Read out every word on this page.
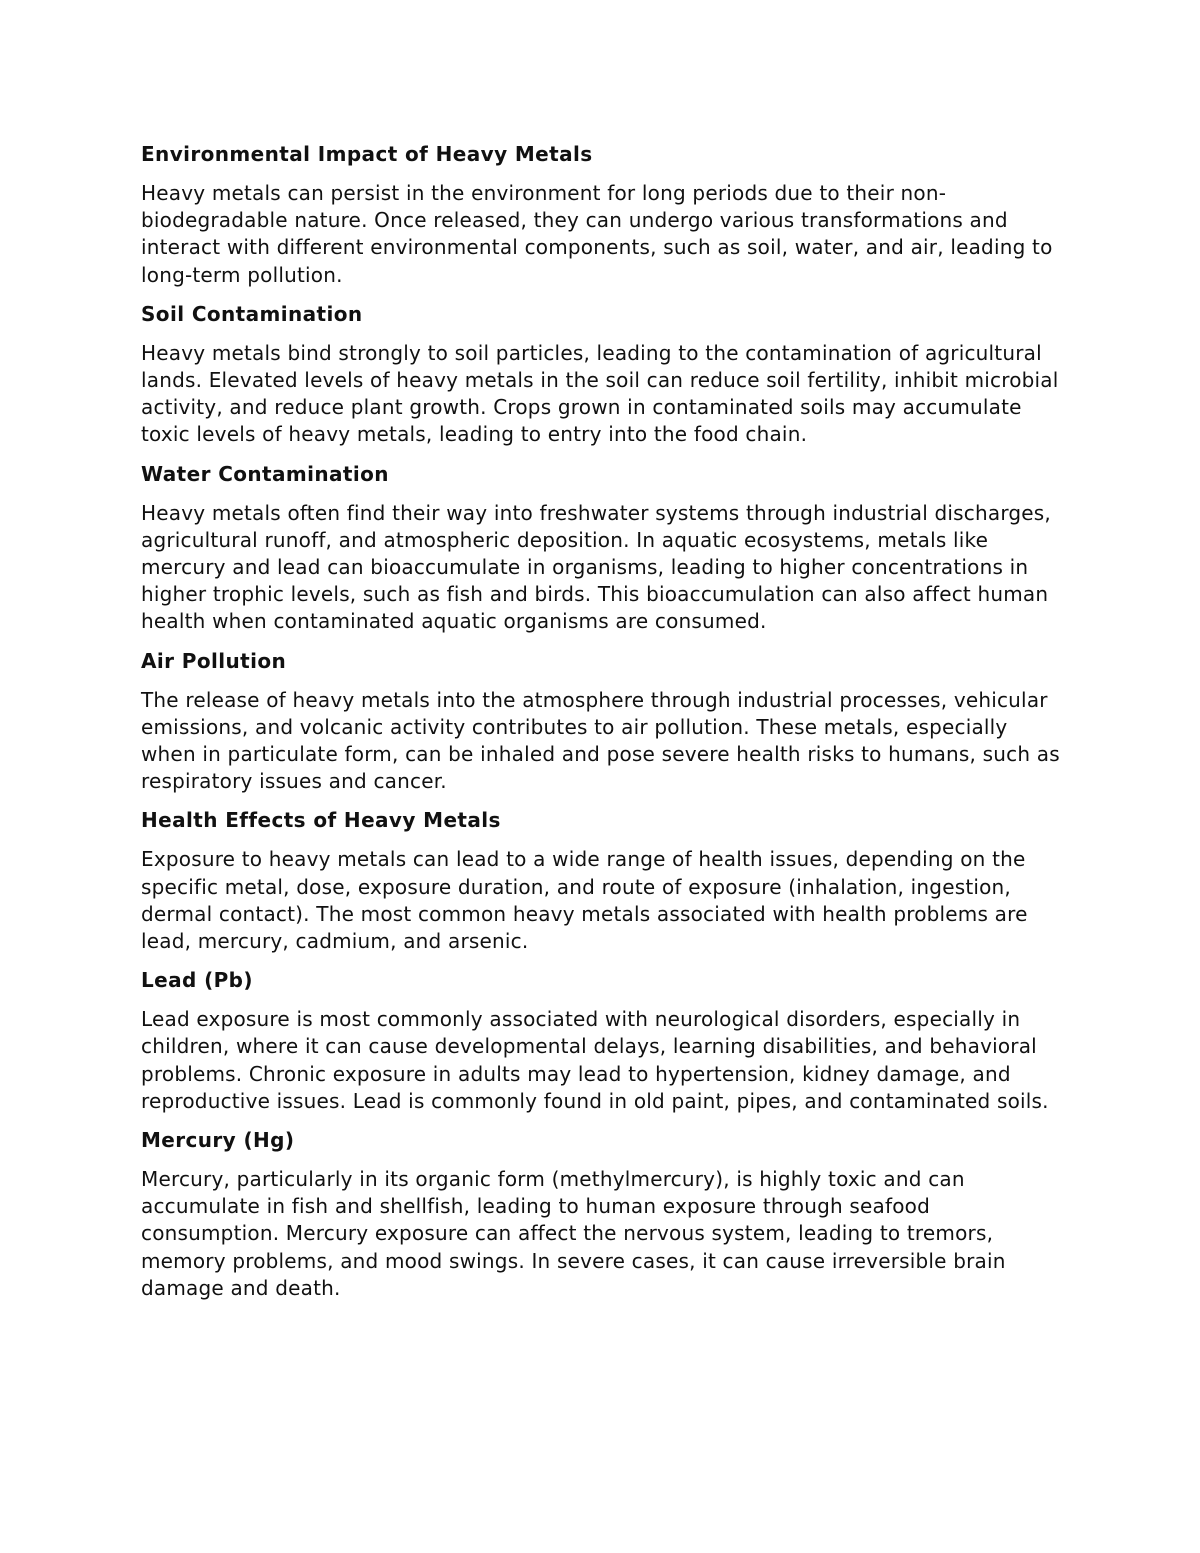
Environmental Impact of Heavy Metals
Heavy metals can persist in the environment for long periods due to their non-biodegradable nature. Once released, they can undergo various transformations and interact with different environmental components, such as soil, water, and air, leading to long-term pollution.
Soil Contamination
Heavy metals bind strongly to soil particles, leading to the contamination of agricultural lands. Elevated levels of heavy metals in the soil can reduce soil fertility, inhibit microbial activity, and reduce plant growth. Crops grown in contaminated soils may accumulate toxic levels of heavy metals, leading to entry into the food chain.
Water Contamination
Heavy metals often find their way into freshwater systems through industrial discharges, agricultural runoff, and atmospheric deposition. In aquatic ecosystems, metals like mercury and lead can bioaccumulate in organisms, leading to higher concentrations in higher trophic levels, such as fish and birds. This bioaccumulation can also affect human health when contaminated aquatic organisms are consumed.
Air Pollution
The release of heavy metals into the atmosphere through industrial processes, vehicular emissions, and volcanic activity contributes to air pollution. These metals, especially when in particulate form, can be inhaled and pose severe health risks to humans, such as respiratory issues and cancer.
Health Effects of Heavy Metals
Exposure to heavy metals can lead to a wide range of health issues, depending on the specific metal, dose, exposure duration, and route of exposure (inhalation, ingestion, dermal contact). The most common heavy metals associated with health problems are lead, mercury, cadmium, and arsenic.
Lead (Pb)
Lead exposure is most commonly associated with neurological disorders, especially in children, where it can cause developmental delays, learning disabilities, and behavioral problems. Chronic exposure in adults may lead to hypertension, kidney damage, and reproductive issues. Lead is commonly found in old paint, pipes, and contaminated soils.
Mercury (Hg)
Mercury, particularly in its organic form (methylmercury), is highly toxic and can accumulate in fish and shellfish, leading to human exposure through seafood consumption. Mercury exposure can affect the nervous system, leading to tremors, memory problems, and mood swings. In severe cases, it can cause irreversible brain damage and death.
